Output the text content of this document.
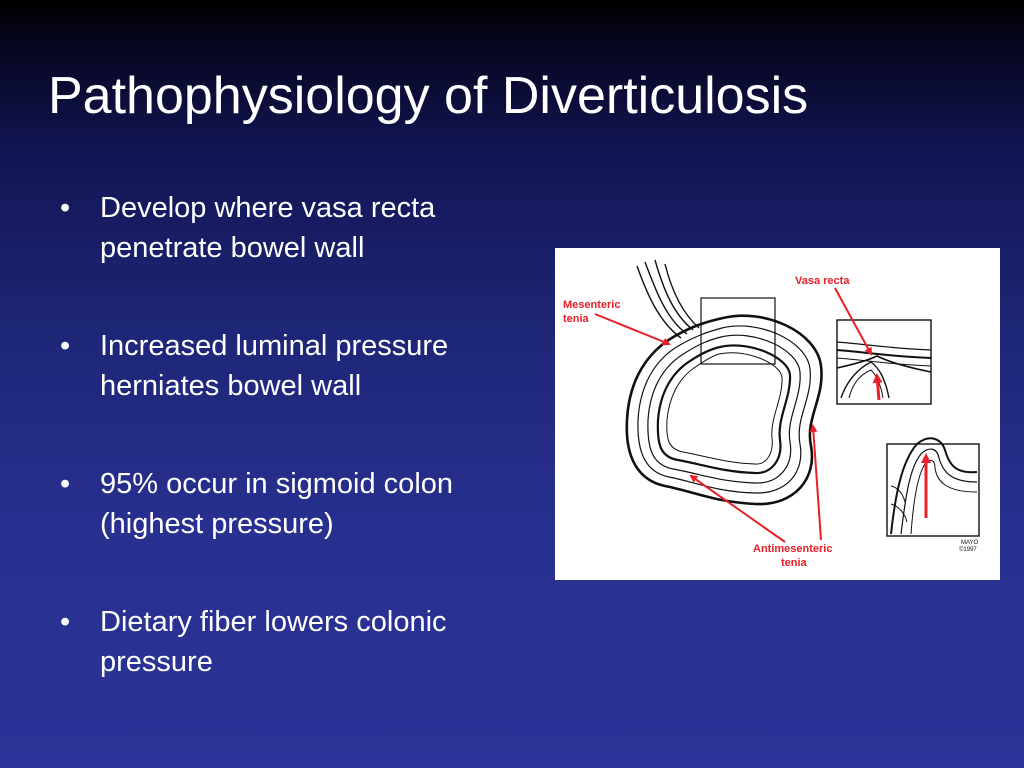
Pathophysiology of Diverticulosis
• Develop where vasa recta penetrate bowel wall
• Increased luminal pressure herniates bowel wall
• 95% occur in sigmoid colon (highest pressure)
• Dietary fiber lowers colonic pressure
Mesenteric
tenia
Vasa recta
Antimesenteric
tenia
MAYO
©1997
